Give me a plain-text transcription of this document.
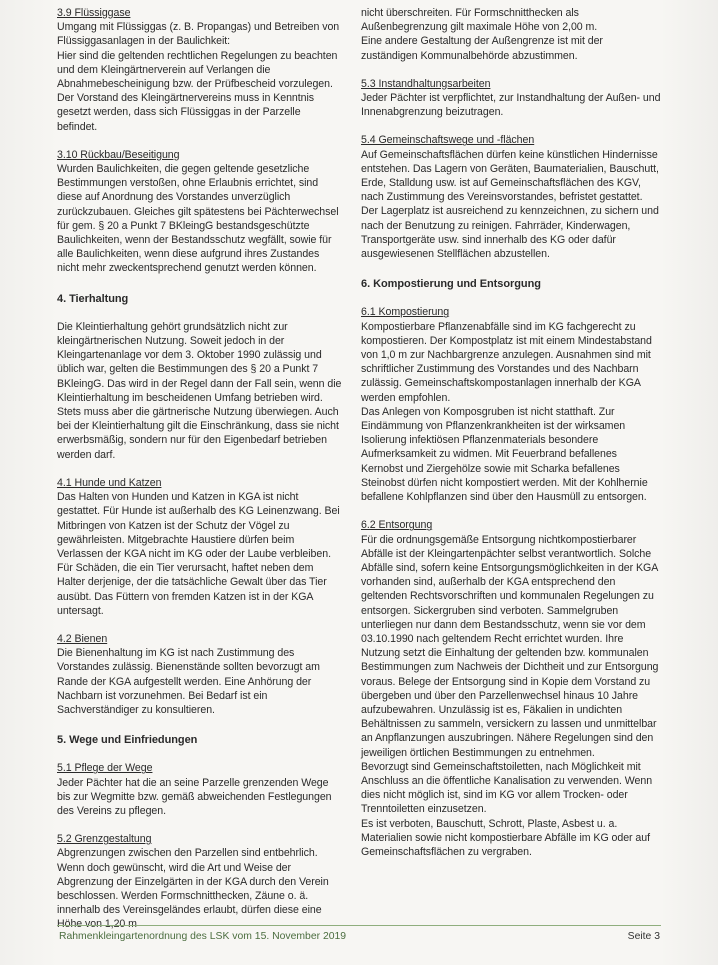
3.9 Flüssiggase
Umgang mit Flüssiggas (z. B. Propangas) und Betreiben von Flüssiggasanlagen in der Baulichkeit:
Hier sind die geltenden rechtlichen Regelungen zu beachten und dem Kleingärtnerverein auf Verlangen die Abnahmebescheinigung bzw. der Prüfbescheid vorzulegen. Der Vorstand des Kleingärtnervereins muss in Kenntnis gesetzt werden, dass sich Flüssiggas in der Parzelle befindet.
3.10 Rückbau/Beseitigung
Wurden Baulichkeiten, die gegen geltende gesetzliche Bestimmungen verstoßen, ohne Erlaubnis errichtet, sind diese auf Anordnung des Vorstandes unverzüglich zurückzubauen. Gleiches gilt spätestens bei Pächterwechsel für gem. § 20 a Punkt 7 BKleingG bestandsgeschützte Baulichkeiten, wenn der Bestandsschutz wegfällt, sowie für alle Baulichkeiten, wenn diese aufgrund ihres Zustandes nicht mehr zweckentsprechend genutzt werden können.
4. Tierhaltung
Die Kleintierhaltung gehört grundsätzlich nicht zur kleingärtnerischen Nutzung. Soweit jedoch in der Kleingartenanlage vor dem 3. Oktober 1990 zulässig und üblich war, gelten die Bestimmungen des § 20 a Punkt 7 BKleingG. Das wird in der Regel dann der Fall sein, wenn die Kleintierhaltung im bescheidenen Umfang betrieben wird. Stets muss aber die gärtnerische Nutzung überwiegen. Auch bei der Kleintierhaltung gilt die Einschränkung, dass sie nicht erwerbsmäßig, sondern nur für den Eigenbedarf betrieben werden darf.
4.1 Hunde und Katzen
Das Halten von Hunden und Katzen in KGA ist nicht gestattet. Für Hunde ist außerhalb des KG Leinenzwang. Bei Mitbringen von Katzen ist der Schutz der Vögel zu gewährleisten. Mitgebrachte Haustiere dürfen beim Verlassen der KGA nicht im KG oder der Laube verbleiben. Für Schäden, die ein Tier verursacht, haftet neben dem Halter derjenige, der die tatsächliche Gewalt über das Tier ausübt. Das Füttern von fremden Katzen ist in der KGA untersagt.
4.2 Bienen
Die Bienenhaltung im KG ist nach Zustimmung des Vorstandes zulässig. Bienenstände sollten bevorzugt am Rande der KGA aufgestellt werden. Eine Anhörung der Nachbarn ist vorzunehmen. Bei Bedarf ist ein Sachverständiger zu konsultieren.
5. Wege und Einfriedungen
5.1 Pflege der Wege
Jeder Pächter hat die an seine Parzelle grenzenden Wege bis zur Wegmitte bzw. gemäß abweichenden Festlegungen des Vereins zu pflegen.
5.2 Grenzgestaltung
Abgrenzungen zwischen den Parzellen sind entbehrlich. Wenn doch gewünscht, wird die Art und Weise der Abgrenzung der Einzelgärten in der KGA durch den Verein beschlossen. Werden Formschnitthecken, Zäune o. ä. innerhalb des Vereinsgeländes erlaubt, dürfen diese eine Höhe von 1,20 m
nicht überschreiten. Für Formschnitthecken als Außenbegrenzung gilt maximale Höhe von 2,00 m.
Eine andere Gestaltung der Außengrenze ist mit der zuständigen Kommunalbehörde abzustimmen.
5.3 Instandhaltungsarbeiten
Jeder Pächter ist verpflichtet, zur Instandhaltung der Außen- und Innenabgrenzung beizutragen.
5.4 Gemeinschaftswege und -flächen
Auf Gemeinschaftsflächen dürfen keine künstlichen Hindernisse entstehen. Das Lagern von Geräten, Baumaterialien, Bauschutt, Erde, Stalldung usw. ist auf Gemeinschaftsflächen des KGV, nach Zustimmung des Vereinsvorstandes, befristet gestattet. Der Lagerplatz ist ausreichend zu kennzeichnen, zu sichern und nach der Benutzung zu reinigen. Fahrräder, Kinderwagen, Transportgeräte usw. sind innerhalb des KG oder dafür ausgewiesenen Stellflächen abzustellen.
6. Kompostierung und Entsorgung
6.1 Kompostierung
Kompostierbare Pflanzenabfälle sind im KG fachgerecht zu kompostieren. Der Kompostplatz ist mit einem Mindestabstand von 1,0 m zur Nachbargrenze anzulegen. Ausnahmen sind mit schriftlicher Zustimmung des Vorstandes und des Nachbarn zulässig. Gemeinschaftskompostanlagen innerhalb der KGA werden empfohlen.
Das Anlegen von Komposgruben ist nicht statthaft. Zur Eindämmung von Pflanzenkrankheiten ist der wirksamen Isolierung infektiösen Pflanzenmaterials besondere Aufmerksamkeit zu widmen. Mit Feuerbrand befallenes Kernobst und Ziergehölze sowie mit Scharka befallenes Steinobst dürfen nicht kompostiert werden. Mit der Kohlhernie befallene Kohlpflanzen sind über den Hausmüll zu entsorgen.
6.2 Entsorgung
Für die ordnungsgemäße Entsorgung nichtkompostierbarer Abfälle ist der Kleingartenpächter selbst verantwortlich. Solche Abfälle sind, sofern keine Entsorgungsmöglichkeiten in der KGA vorhanden sind, außerhalb der KGA entsprechend den geltenden Rechtsvorschriften und kommunalen Regelungen zu entsorgen. Sickergruben sind verboten. Sammelgruben unterliegen nur dann dem Bestandsschutz, wenn sie vor dem 03.10.1990 nach geltendem Recht errichtet wurden. Ihre Nutzung setzt die Einhaltung der geltenden bzw. kommunalen Bestimmungen zum Nachweis der Dichtheit und zur Entsorgung voraus. Belege der Entsorgung sind in Kopie dem Vorstand zu übergeben und über den Parzellenwechsel hinaus 10 Jahre aufzubewahren. Unzulässig ist es, Fäkalien in undichten Behältnissen zu sammeln, versickern zu lassen und unmittelbar an Anpflanzungen auszubringen. Nähere Regelungen sind den jeweiligen örtlichen Bestimmungen zu entnehmen.
Bevorzugt sind Gemeinschaftstoiletten, nach Möglichkeit mit Anschluss an die öffentliche Kanalisation zu verwenden. Wenn dies nicht möglich ist, sind im KG vor allem Trocken- oder Trenntoiletten einzusetzen.
Es ist verboten, Bauschutt, Schrott, Plaste, Asbest u. a. Materialien sowie nicht kompostierbare Abfälle im KG oder auf Gemeinschaftsflächen zu vergraben.
Rahmenkleingartenordnung des LSK vom 15. November 2019	Seite 3
